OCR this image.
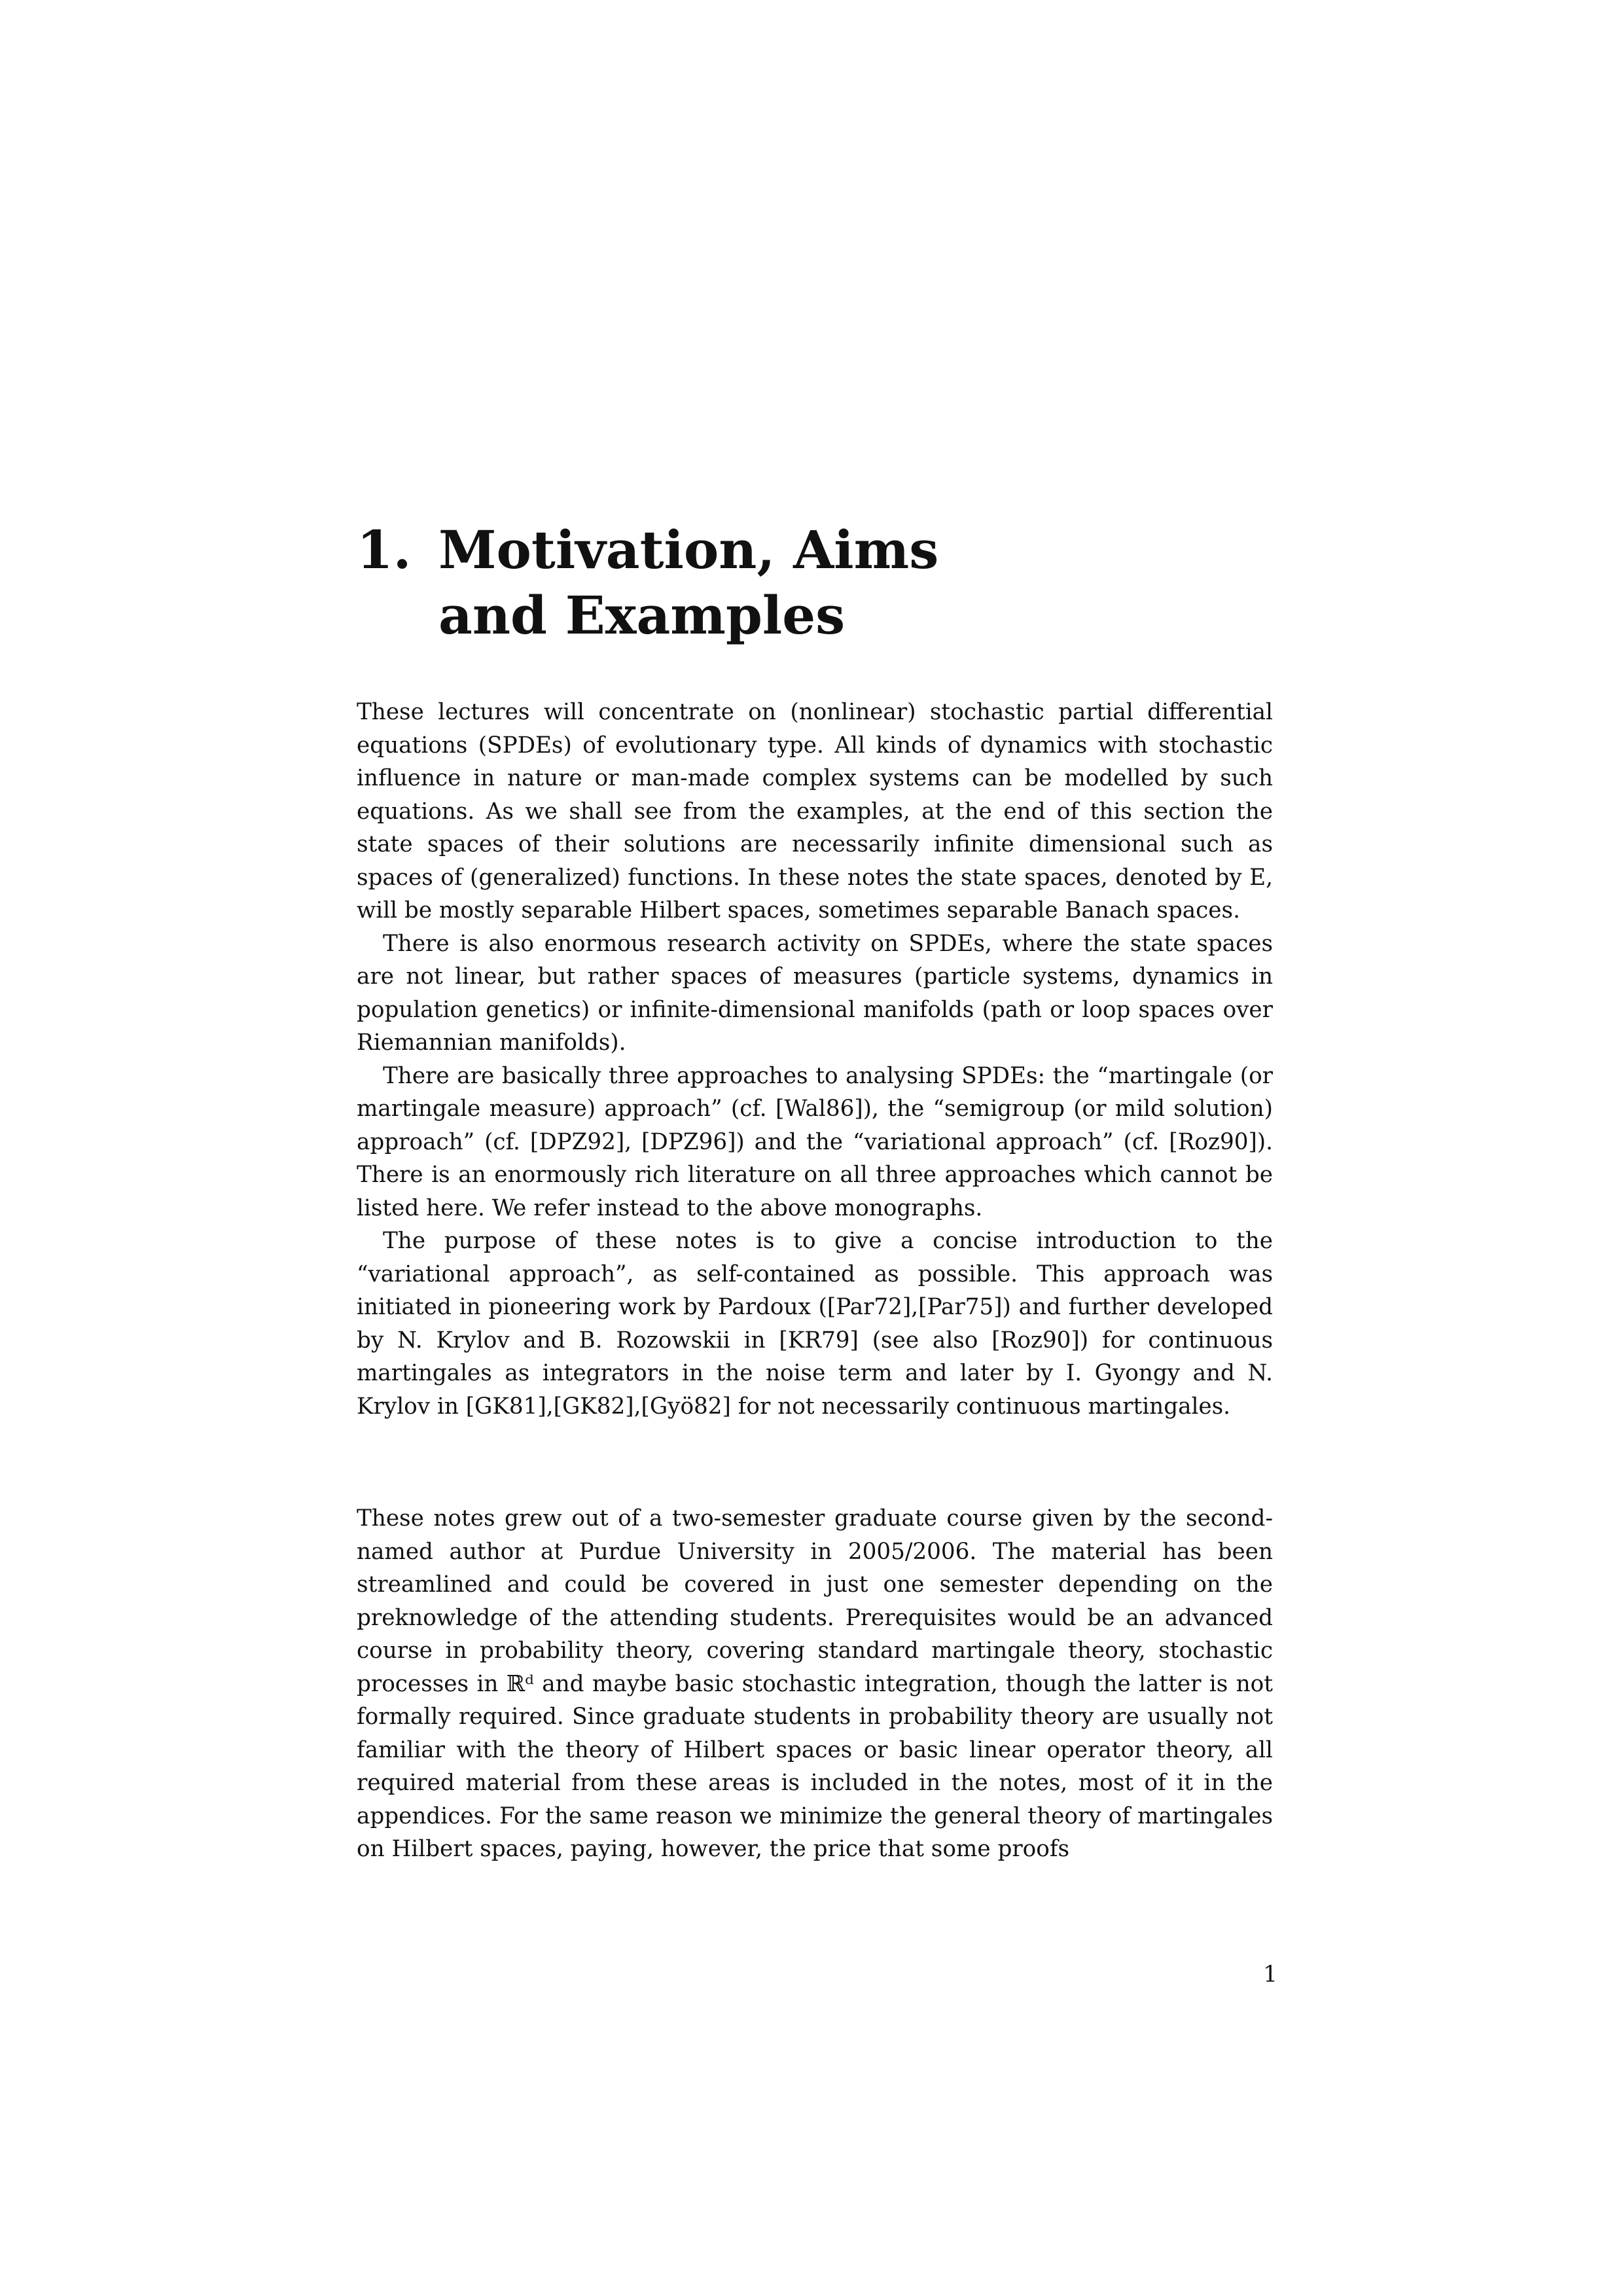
1. Motivation, Aims
and Examples

These lectures will concentrate on (nonlinear) stochastic partial differential equations (SPDEs) of evolutionary type. All kinds of dynamics with stochastic influence in nature or man-made complex systems can be modelled by such equations. As we shall see from the examples, at the end of this section the state spaces of their solutions are necessarily infinite dimensional such as spaces of (generalized) functions. In these notes the state spaces, denoted by E, will be mostly separable Hilbert spaces, sometimes separable Banach spaces.

There is also enormous research activity on SPDEs, where the state spaces are not linear, but rather spaces of measures (particle systems, dynamics in population genetics) or infinite-dimensional manifolds (path or loop spaces over Riemannian manifolds).

There are basically three approaches to analysing SPDEs: the “martingale (or martingale measure) approach” (cf. [Wal86]), the “semigroup (or mild solution) approach” (cf. [DPZ92], [DPZ96]) and the “variational approach” (cf. [Roz90]). There is an enormously rich literature on all three approaches which cannot be listed here. We refer instead to the above monographs.

The purpose of these notes is to give a concise introduction to the “variational approach”, as self-contained as possible. This approach was initiated in pioneering work by Pardoux ([Par72],[Par75]) and further developed by N. Krylov and B. Rozowskii in [KR79] (see also [Roz90]) for continuous martingales as integrators in the noise term and later by I. Gyongy and N. Krylov in [GK81],[GK82],[Gyö82] for not necessarily continuous martingales.

These notes grew out of a two-semester graduate course given by the second-named author at Purdue University in 2005/2006. The material has been streamlined and could be covered in just one semester depending on the preknowledge of the attending students. Prerequisites would be an advanced course in probability theory, covering standard martingale theory, stochastic processes in ℝᵈ and maybe basic stochastic integration, though the latter is not formally required. Since graduate students in probability theory are usually not familiar with the theory of Hilbert spaces or basic linear operator theory, all required material from these areas is included in the notes, most of it in the appendices. For the same reason we minimize the general theory of martingales on Hilbert spaces, paying, however, the price that some proofs

1
